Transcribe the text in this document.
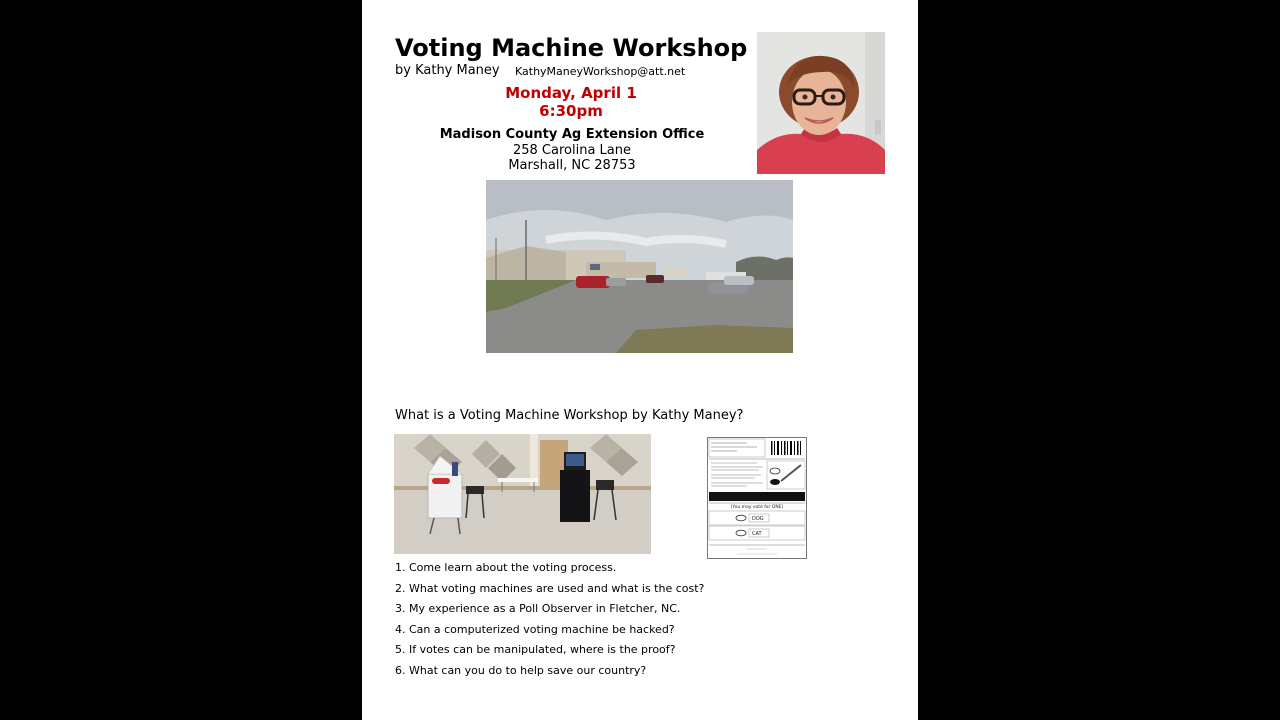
Voting Machine Workshop
by Kathy Maney KathyManeyWorkshop@att.net
Monday, April 1
6:30pm
Madison County Ag Extension Office
258 Carolina Lane
Marshall, NC 28753
What is a Voting Machine Workshop by Kathy Maney?
(You may vote for ONE)
DOG
CAT
1. Come learn about the voting process.
2. What voting machines are used and what is the cost?
3. My experience as a Poll Observer in Fletcher, NC.
4. Can a computerized voting machine be hacked?
5. If votes can be manipulated, where is the proof?
6. What can you do to help save our country?
